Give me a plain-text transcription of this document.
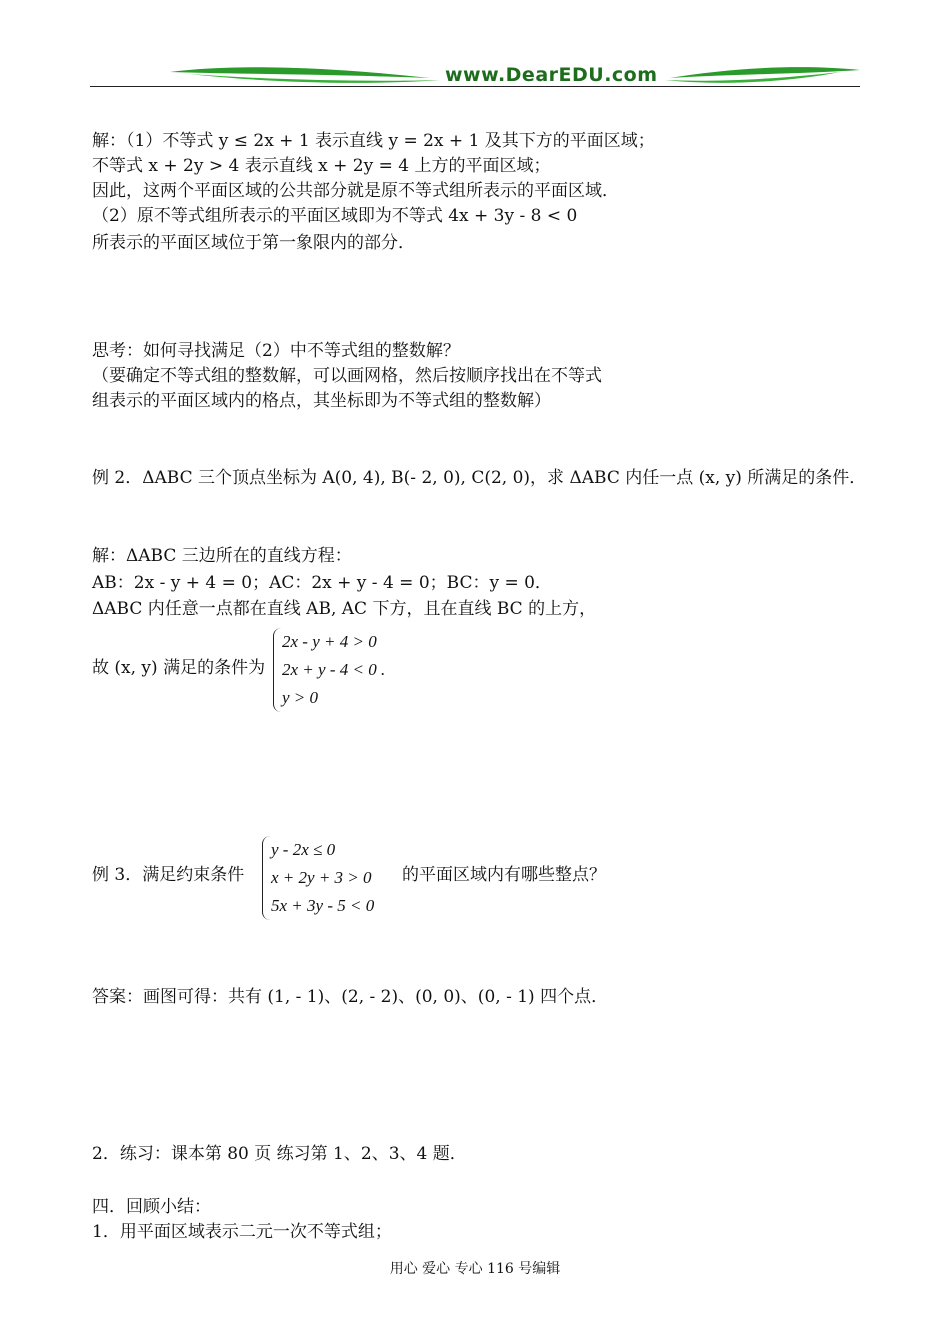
www.DearEDU.com
解：（1）不等式 y ≤ 2x + 1 表示直线 y = 2x + 1 及其下方的平面区域；
不等式 x + 2y > 4 表示直线 x + 2y = 4 上方的平面区域；
因此，这两个平面区域的公共部分就是原不等式组所表示的平面区域．
（2）原不等式组所表示的平面区域即为不等式 4x + 3y - 8 < 0
所表示的平面区域位于第一象限内的部分．
思考：如何寻找满足（2）中不等式组的整数解？
（要确定不等式组的整数解，可以画网格，然后按顺序找出在不等式
组表示的平面区域内的格点，其坐标即为不等式组的整数解）
例 2．ΔABC 三个顶点坐标为 A(0, 4), B(- 2, 0), C(2, 0)，求 ΔABC 内任一点 (x, y) 所满足的条件．
解：ΔABC 三边所在的直线方程：
AB：2x - y + 4 = 0；AC：2x + y - 4 = 0；BC：y = 0．
ΔABC 内任意一点都在直线 AB, AC 下方，且在直线 BC 的上方，
故 (x, y) 满足的条件为
2x - y + 4 > 0
2x + y - 4 < 0 .
y > 0
例 3．满足约束条件
y - 2x ≤ 0
x + 2y + 3 > 0
5x + 3y - 5 < 0
的平面区域内有哪些整点？
答案：画图可得：共有 (1, - 1)、(2, - 2)、(0, 0)、(0, - 1) 四个点．
2．练习：课本第 80 页 练习第 1、2、3、4 题．
四．回顾小结：
1．用平面区域表示二元一次不等式组；
用心 爱心 专心 116 号编辑
